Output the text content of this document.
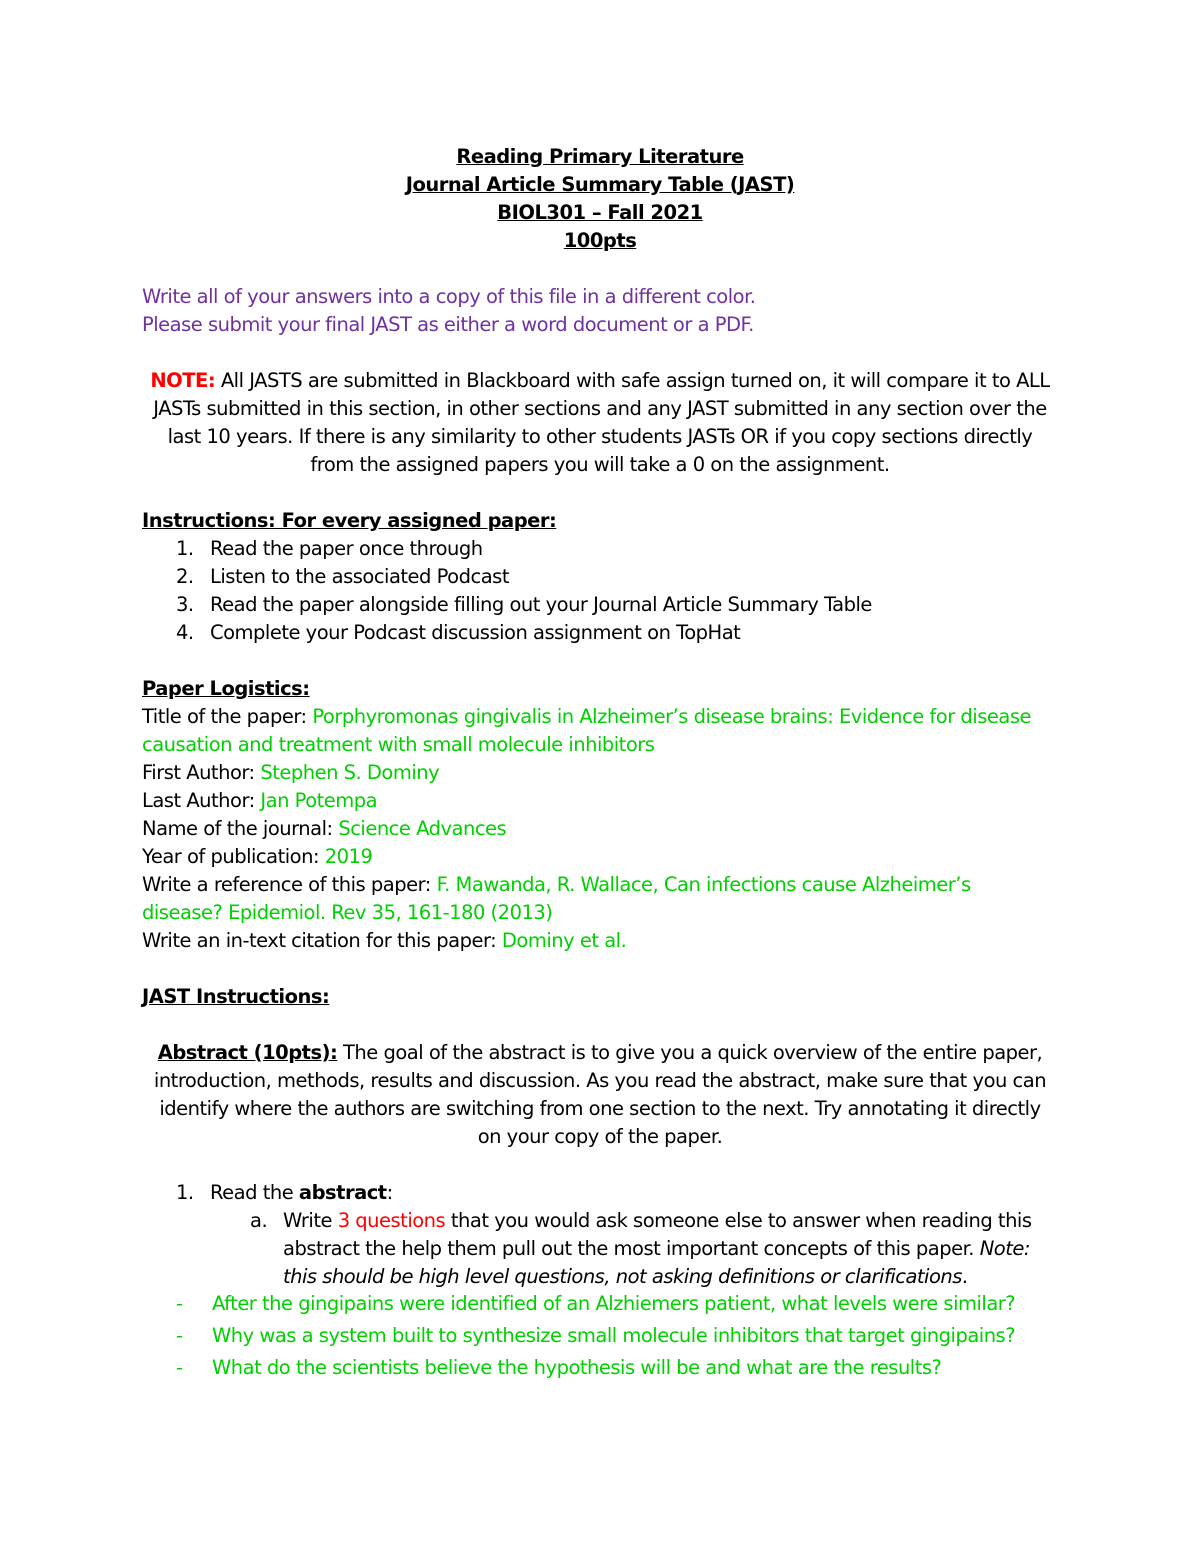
Reading Primary Literature
Journal Article Summary Table (JAST)
BIOL301 – Fall 2021
100pts
Write all of your answers into a copy of this file in a different color.
Please submit your final JAST as either a word document or a PDF.
NOTE: All JASTS are submitted in Blackboard with safe assign turned on, it will compare it to ALL
JASTs submitted in this section, in other sections and any JAST submitted in any section over the
last 10 years. If there is any similarity to other students JASTs OR if you copy sections directly
from the assigned papers you will take a 0 on the assignment.
Instructions: For every assigned paper:
1. Read the paper once through
2. Listen to the associated Podcast
3. Read the paper alongside filling out your Journal Article Summary Table
4. Complete your Podcast discussion assignment on TopHat
Paper Logistics:
Title of the paper: Porphyromonas gingivalis in Alzheimer’s disease brains: Evidence for disease
causation and treatment with small molecule inhibitors
First Author: Stephen S. Dominy
Last Author: Jan Potempa
Name of the journal: Science Advances
Year of publication: 2019
Write a reference of this paper: F. Mawanda, R. Wallace, Can infections cause Alzheimer’s
disease? Epidemiol. Rev 35, 161-180 (2013)
Write an in-text citation for this paper: Dominy et al.
JAST Instructions:
Abstract (10pts): The goal of the abstract is to give you a quick overview of the entire paper,
introduction, methods, results and discussion. As you read the abstract, make sure that you can
identify where the authors are switching from one section to the next. Try annotating it directly
on your copy of the paper.
1. Read the abstract:
a. Write 3 questions that you would ask someone else to answer when reading this
abstract the help them pull out the most important concepts of this paper. Note:
this should be high level questions, not asking definitions or clarifications.
- After the gingipains were identified of an Alzhiemers patient, what levels were similar?
- Why was a system built to synthesize small molecule inhibitors that target gingipains?
- What do the scientists believe the hypothesis will be and what are the results?
